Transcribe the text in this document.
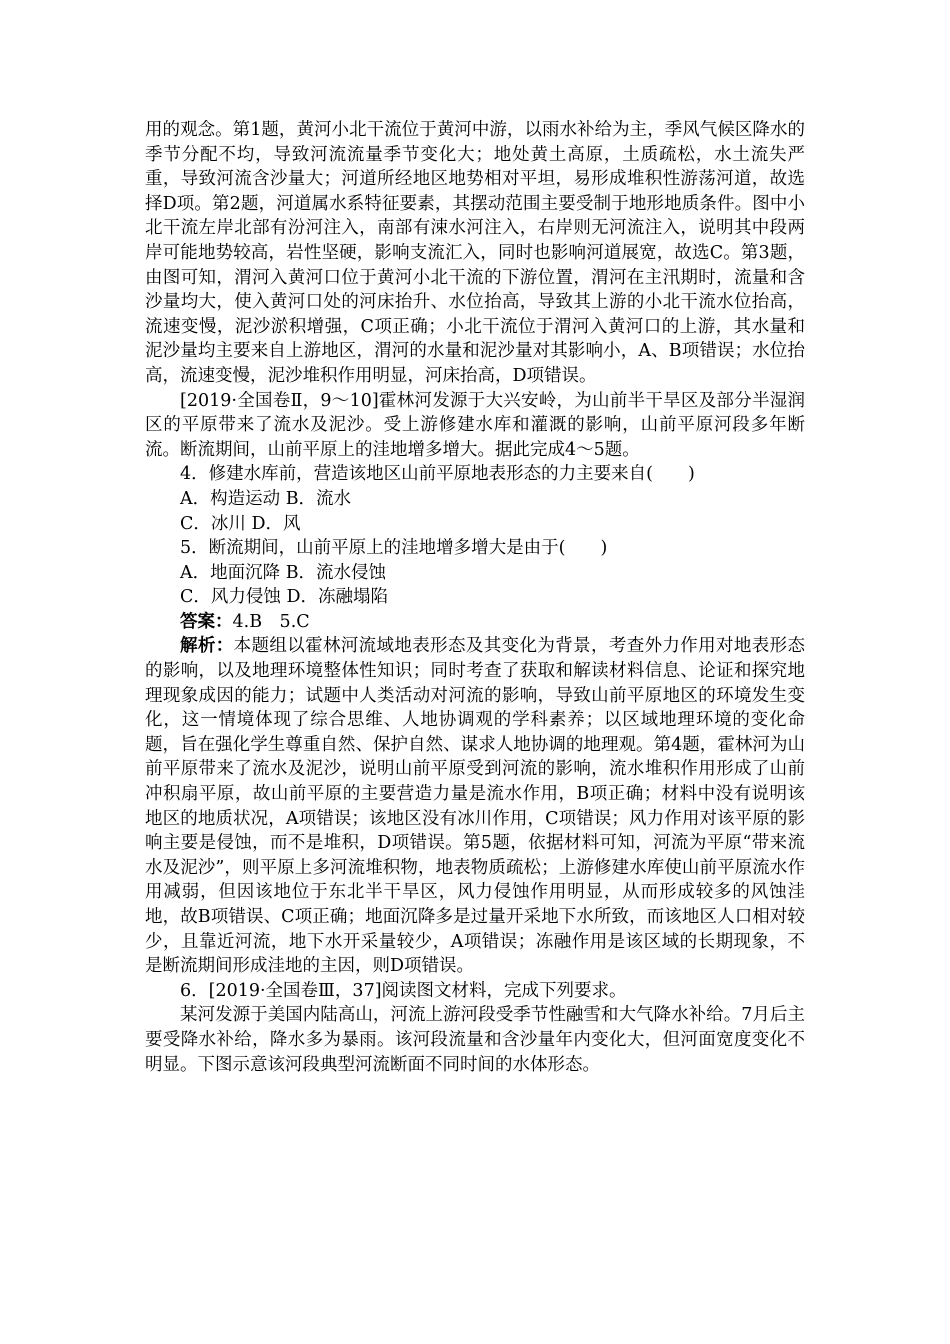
用的观念。第1题，黄河小北干流位于黄河中游，以雨水补给为主，季风气候区降水的季节分配不均，导致河流流量季节变化大；地处黄土高原，土质疏松，水土流失严重，导致河流含沙量大；河道所经地区地势相对平坦，易形成堆积性游荡河道，故选择D项。第2题，河道属水系特征要素，其摆动范围主要受制于地形地质条件。图中小北干流左岸北部有汾河注入，南部有涑水河注入，右岸则无河流注入，说明其中段两岸可能地势较高，岩性坚硬，影响支流汇入，同时也影响河道展宽，故选C。第3题，由图可知，渭河入黄河口位于黄河小北干流的下游位置，渭河在主汛期时，流量和含沙量均大，使入黄河口处的河床抬升、水位抬高，导致其上游的小北干流水位抬高，流速变慢，泥沙淤积增强，C项正确；小北干流位于渭河入黄河口的上游，其水量和泥沙量均主要来自上游地区，渭河的水量和泥沙量对其影响小，A、B项错误；水位抬高，流速变慢，泥沙堆积作用明显，河床抬高，D项错误。

[2019·全国卷Ⅱ，9～10]霍林河发源于大兴安岭，为山前半干旱区及部分半湿润区的平原带来了流水及泥沙。受上游修建水库和灌溉的影响，山前平原河段多年断流。断流期间，山前平原上的洼地增多增大。据此完成4～5题。

4．修建水库前，营造该地区山前平原地表形态的力主要来自(　　)

A．构造运动 B．流水

C．冰川 D．风

5．断流期间，山前平原上的洼地增多增大是由于(　　)

A．地面沉降 B．流水侵蚀

C．风力侵蚀 D．冻融塌陷

答案：4.B　5.C

解析：本题组以霍林河流域地表形态及其变化为背景，考查外力作用对地表形态的影响，以及地理环境整体性知识；同时考查了获取和解读材料信息、论证和探究地理现象成因的能力；试题中人类活动对河流的影响，导致山前平原地区的环境发生变化，这一情境体现了综合思维、人地协调观的学科素养；以区域地理环境的变化命题，旨在强化学生尊重自然、保护自然、谋求人地协调的地理观。第4题，霍林河为山前平原带来了流水及泥沙，说明山前平原受到河流的影响，流水堆积作用形成了山前冲积扇平原，故山前平原的主要营造力量是流水作用，B项正确；材料中没有说明该地区的地质状况，A项错误；该地区没有冰川作用，C项错误；风力作用对该平原的影响主要是侵蚀，而不是堆积，D项错误。第5题，依据材料可知，河流为平原“带来流水及泥沙”，则平原上多河流堆积物，地表物质疏松；上游修建水库使山前平原流水作用减弱，但因该地位于东北半干旱区，风力侵蚀作用明显，从而形成较多的风蚀洼地，故B项错误、C项正确；地面沉降多是过量开采地下水所致，而该地区人口相对较少，且靠近河流，地下水开采量较少，A项错误；冻融作用是该区域的长期现象，不是断流期间形成洼地的主因，则D项错误。

6．[2019·全国卷Ⅲ，37]阅读图文材料，完成下列要求。

某河发源于美国内陆高山，河流上游河段受季节性融雪和大气降水补给。7月后主要受降水补给，降水多为暴雨。该河段流量和含沙量年内变化大，但河面宽度变化不明显。下图示意该河段典型河流断面不同时间的水体形态。
